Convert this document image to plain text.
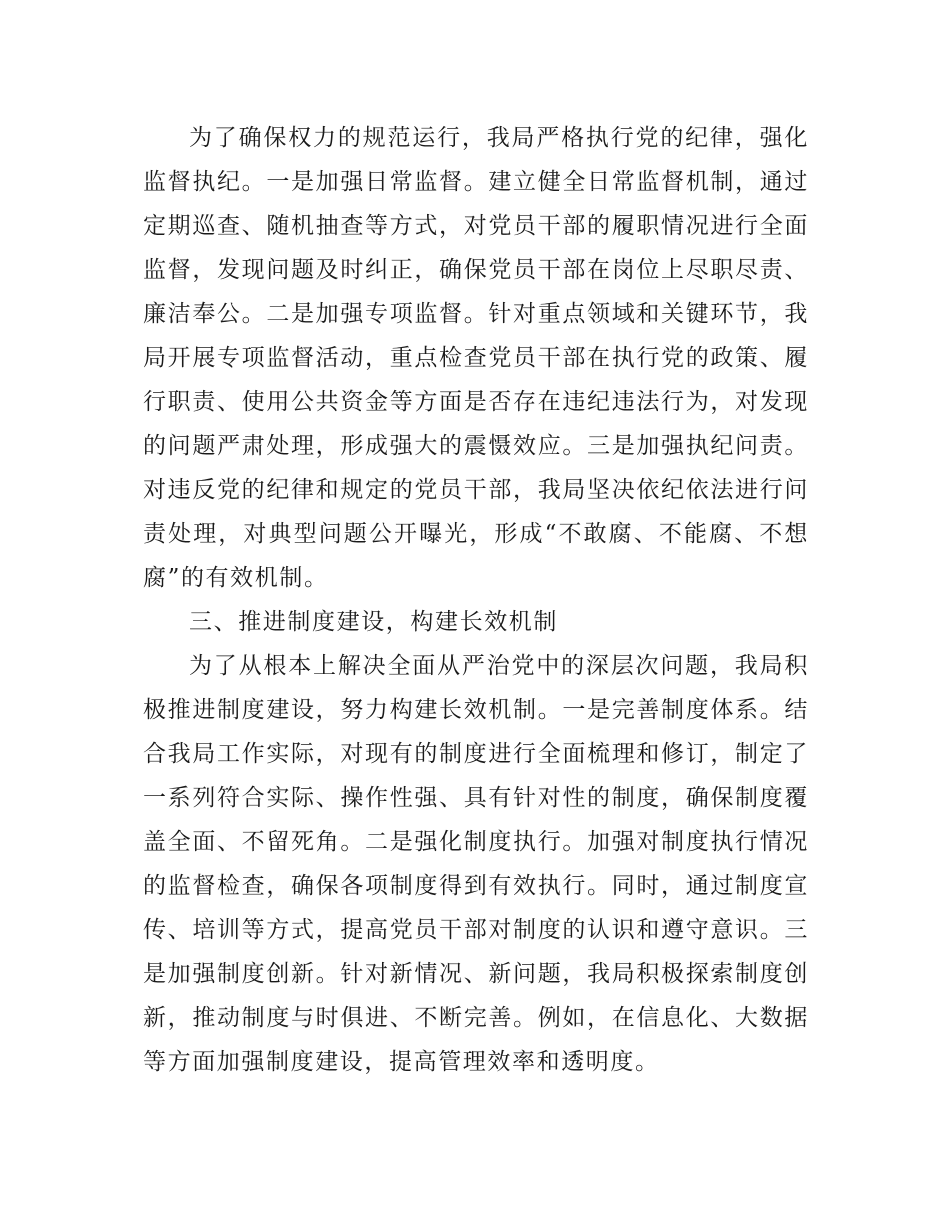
为了确保权力的规范运行，我局严格执行党的纪律，强化监督执纪。一是加强日常监督。建立健全日常监督机制，通过定期巡查、随机抽查等方式，对党员干部的履职情况进行全面监督，发现问题及时纠正，确保党员干部在岗位上尽职尽责、廉洁奉公。二是加强专项监督。针对重点领域和关键环节，我局开展专项监督活动，重点检查党员干部在执行党的政策、履行职责、使用公共资金等方面是否存在违纪违法行为，对发现的问题严肃处理，形成强大的震慑效应。三是加强执纪问责。对违反党的纪律和规定的党员干部，我局坚决依纪依法进行问责处理，对典型问题公开曝光，形成“不敢腐、不能腐、不想腐”的有效机制。

三、推进制度建设，构建长效机制

为了从根本上解决全面从严治党中的深层次问题，我局积极推进制度建设，努力构建长效机制。一是完善制度体系。结合我局工作实际，对现有的制度进行全面梳理和修订，制定了一系列符合实际、操作性强、具有针对性的制度，确保制度覆盖全面、不留死角。二是强化制度执行。加强对制度执行情况的监督检查，确保各项制度得到有效执行。同时，通过制度宣传、培训等方式，提高党员干部对制度的认识和遵守意识。三是加强制度创新。针对新情况、新问题，我局积极探索制度创新，推动制度与时俱进、不断完善。例如，在信息化、大数据等方面加强制度建设，提高管理效率和透明度。
